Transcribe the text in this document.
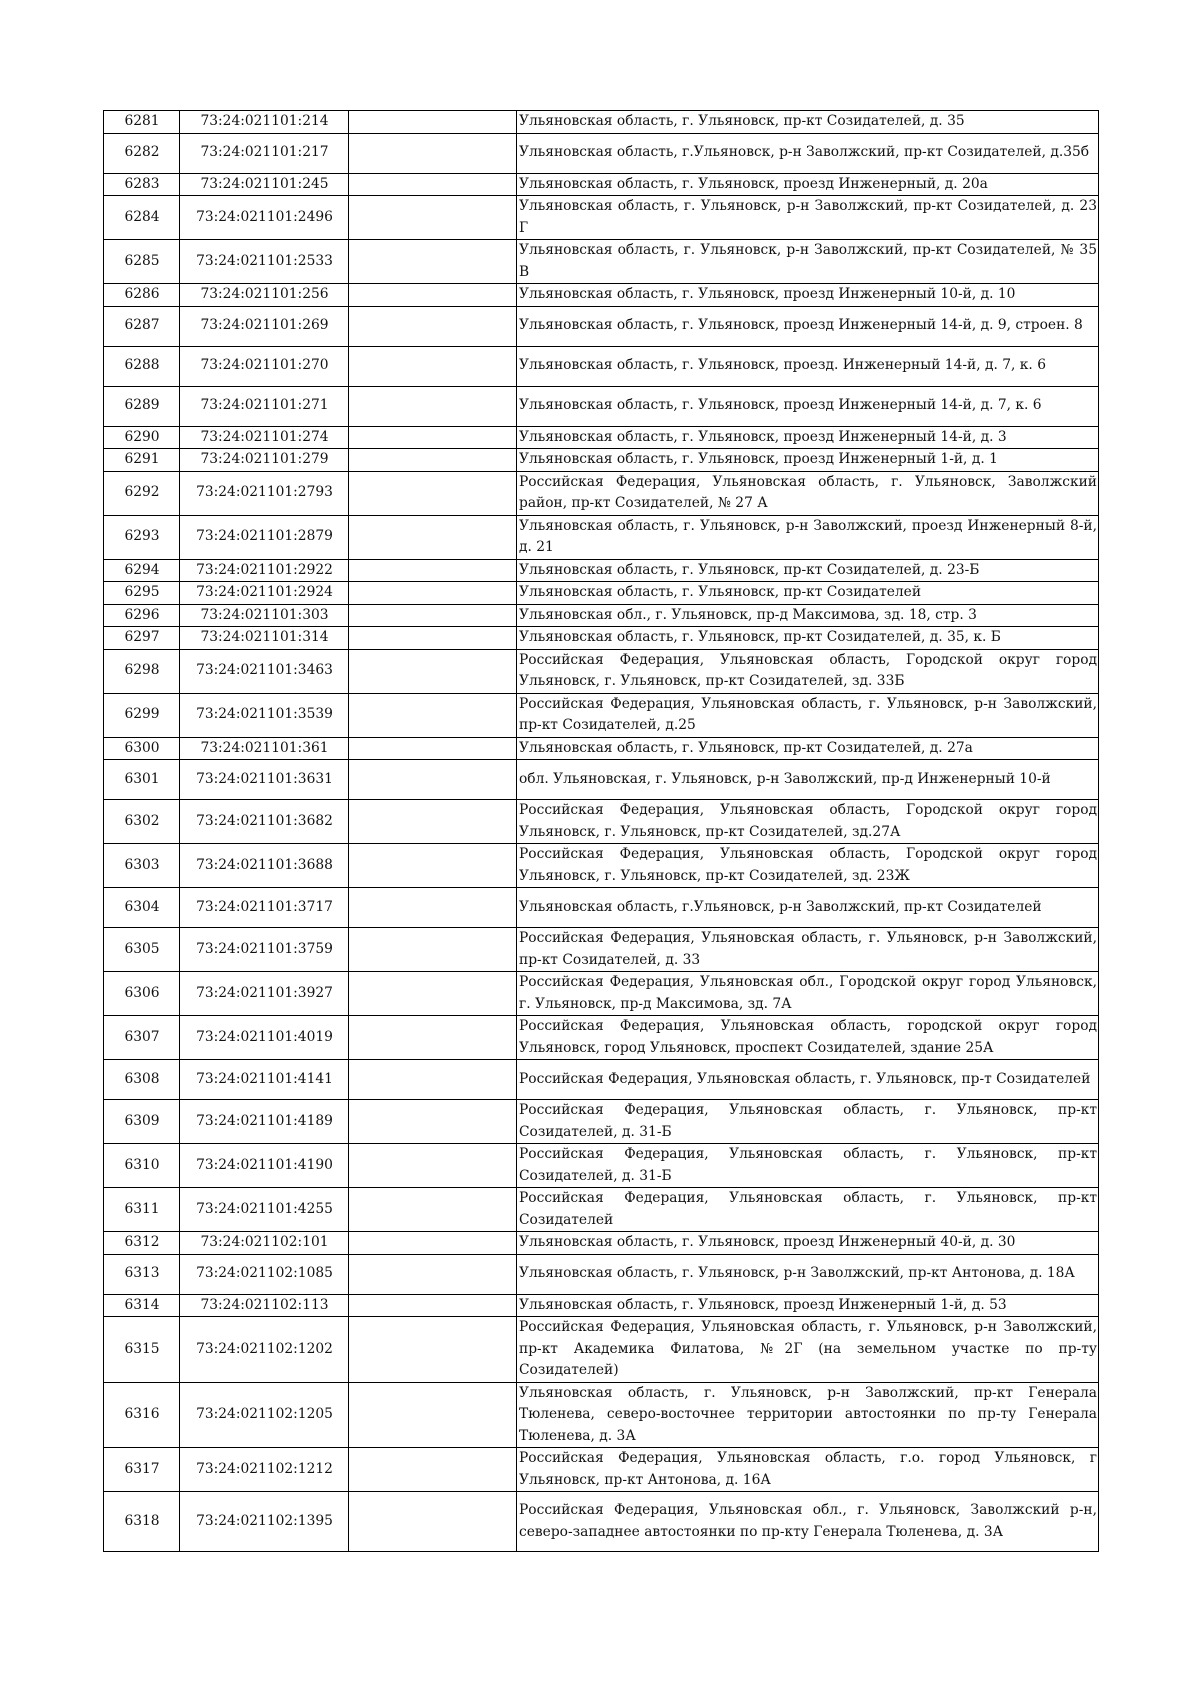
6281	73:24:021101:214		Ульяновская область, г. Ульяновск, пр-кт Созидателей, д. 35
6282	73:24:021101:217		Ульяновская область, г.Ульяновск, р-н Заволжский, пр-кт Созидателей, д.35б
6283	73:24:021101:245		Ульяновская область, г. Ульяновск, проезд Инженерный, д. 20а
6284	73:24:021101:2496		Ульяновская область, г. Ульяновск, р-н Заволжский, пр-кт Созидателей, д. 23 Г
6285	73:24:021101:2533		Ульяновская область, г. Ульяновск, р-н Заволжский, пр-кт Созидателей, № 35 В
6286	73:24:021101:256		Ульяновская область, г. Ульяновск, проезд Инженерный 10-й, д. 10
6287	73:24:021101:269		Ульяновская область, г. Ульяновск, проезд Инженерный 14-й, д. 9, строен. 8
6288	73:24:021101:270		Ульяновская область, г. Ульяновск, проезд. Инженерный 14-й, д. 7, к. 6
6289	73:24:021101:271		Ульяновская область, г. Ульяновск, проезд Инженерный 14-й, д. 7, к. 6
6290	73:24:021101:274		Ульяновская область, г. Ульяновск, проезд Инженерный 14-й, д. 3
6291	73:24:021101:279		Ульяновская область, г. Ульяновск, проезд Инженерный 1-й, д. 1
6292	73:24:021101:2793		Российская Федерация, Ульяновская область, г. Ульяновск, Заволжский район, пр-кт Созидателей, № 27 А
6293	73:24:021101:2879		Ульяновская область, г. Ульяновск, р-н Заволжский, проезд Инженерный 8-й, д. 21
6294	73:24:021101:2922		Ульяновская область, г. Ульяновск, пр-кт Созидателей, д. 23-Б
6295	73:24:021101:2924		Ульяновская область, г. Ульяновск, пр-кт Созидателей
6296	73:24:021101:303		Ульяновская обл., г. Ульяновск, пр-д Максимова, зд. 18, стр. 3
6297	73:24:021101:314		Ульяновская область, г. Ульяновск, пр-кт Созидателей, д. 35, к. Б
6298	73:24:021101:3463		Российская Федерация, Ульяновская область, Городской округ город Ульяновск, г. Ульяновск, пр-кт Созидателей, зд. 33Б
6299	73:24:021101:3539		Российская Федерация, Ульяновская область, г. Ульяновск, р-н Заволжский, пр-кт Созидателей, д.25
6300	73:24:021101:361		Ульяновская область, г. Ульяновск, пр-кт Созидателей, д. 27а
6301	73:24:021101:3631		обл. Ульяновская, г. Ульяновск, р-н Заволжский, пр-д Инженерный 10-й
6302	73:24:021101:3682		Российская Федерация, Ульяновская область, Городской округ город Ульяновск, г. Ульяновск, пр-кт Созидателей, зд.27А
6303	73:24:021101:3688		Российская Федерация, Ульяновская область, Городской округ город Ульяновск, г. Ульяновск, пр-кт Созидателей, зд. 23Ж
6304	73:24:021101:3717		Ульяновская область, г.Ульяновск, р-н Заволжский, пр-кт Созидателей
6305	73:24:021101:3759		Российская Федерация, Ульяновская область, г. Ульяновск, р-н Заволжский, пр-кт Созидателей, д. 33
6306	73:24:021101:3927		Российская Федерация, Ульяновская обл., Городской округ город Ульяновск, г. Ульяновск, пр-д Максимова, зд. 7А
6307	73:24:021101:4019		Российская Федерация, Ульяновская область, городской округ город Ульяновск, город Ульяновск, проспект Созидателей, здание 25А
6308	73:24:021101:4141		Российская Федерация, Ульяновская область, г. Ульяновск, пр-т Созидателей
6309	73:24:021101:4189		Российская Федерация, Ульяновская область, г. Ульяновск, пр-кт Созидателей, д. 31-Б
6310	73:24:021101:4190		Российская Федерация, Ульяновская область, г. Ульяновск, пр-кт Созидателей, д. 31-Б
6311	73:24:021101:4255		Российская Федерация, Ульяновская область, г. Ульяновск, пр-кт Созидателей
6312	73:24:021102:101		Ульяновская область, г. Ульяновск, проезд Инженерный 40-й, д. 30
6313	73:24:021102:1085		Ульяновская область, г. Ульяновск, р-н Заволжский, пр-кт Антонова, д. 18А
6314	73:24:021102:113		Ульяновская область, г. Ульяновск, проезд Инженерный 1-й, д. 53
6315	73:24:021102:1202		Российская Федерация, Ульяновская область, г. Ульяновск, р-н Заволжский, пр-кт Академика Филатова, №2Г (на земельном участке по пр-ту Созидателей)
6316	73:24:021102:1205		Ульяновская область, г. Ульяновск, р-н Заволжский, пр-кт Генерала Тюленева, северо-восточнее территории автостоянки по пр-ту Генерала Тюленева, д. 3А
6317	73:24:021102:1212		Российская Федерация, Ульяновская область, г.о. город Ульяновск, г Ульяновск, пр-кт Антонова, д. 16А
6318	73:24:021102:1395		Российская Федерация, Ульяновская обл., г. Ульяновск, Заволжский р-н, северо-западнее автостоянки по пр-кту Генерала Тюленева, д. 3А
